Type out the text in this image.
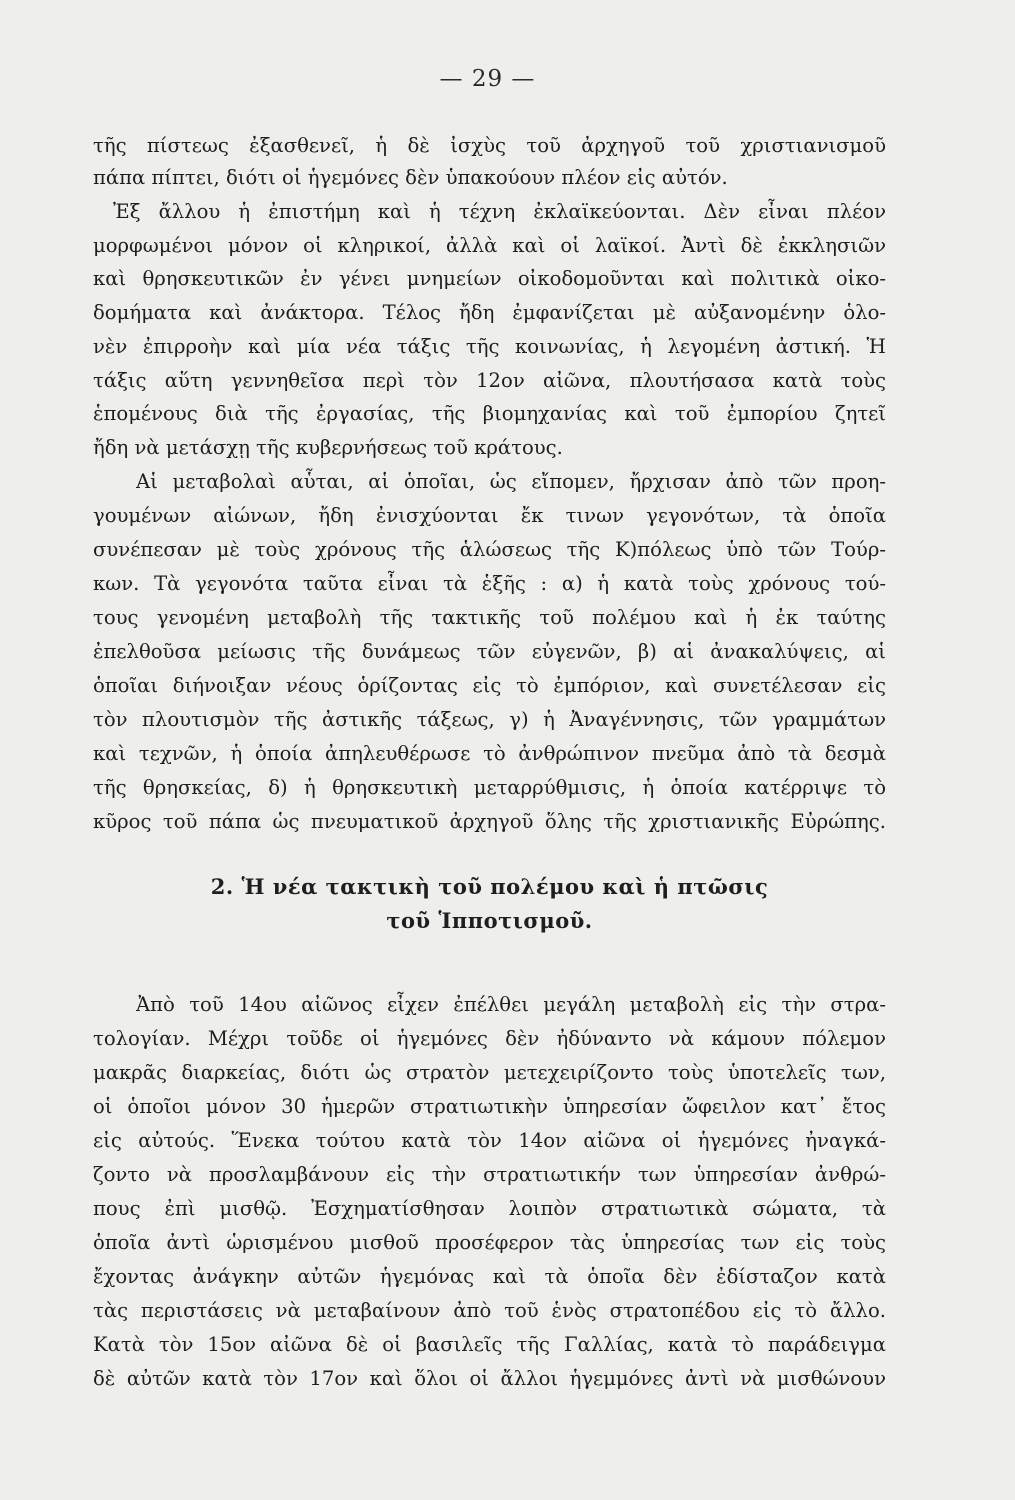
— 29 —
τῆς πίστεως ἐξασθενεῖ, ἡ δὲ ἰσχὺς τοῦ ἀρχηγοῦ τοῦ χριστιανισμοῦ
πάπα πίπτει, διότι οἱ ἡγεμόνες δὲν ὑπακούουν πλέον εἰς αὐτόν.
Ἐξ ἄλλου ἡ ἐπιστήμη καὶ ἡ τέχνη ἐκλαϊκεύονται. Δὲν εἶναι πλέον
μορφωμένοι μόνον οἱ κληρικοί, ἀλλὰ καὶ οἱ λαϊκοί. Ἀντὶ δὲ ἐκκλησιῶν
καὶ θρησκευτικῶν ἐν γένει μνημείων οἰκοδομοῦνται καὶ πολιτικὰ οἰκο-
δομήματα καὶ ἀνάκτορα. Τέλος ἤδη ἐμφανίζεται μὲ αὐξανομένην ὁλο-
νὲν ἐπιρροὴν καὶ μία νέα τάξις τῆς κοινωνίας, ἡ λεγομένη ἀστική. Ἡ
τάξις αὕτη γεννηθεῖσα περὶ τὸν 12ον αἰῶνα, πλουτήσασα κατὰ τοὺς
ἑπομένους διὰ τῆς ἐργασίας, τῆς βιομηχανίας καὶ τοῦ ἐμπορίου ζητεῖ
ἤδη νὰ μετάσχῃ τῆς κυβερνήσεως τοῦ κράτους.
Αἱ μεταβολαὶ αὗται, αἱ ὁποῖαι, ὡς εἴπομεν, ἤρχισαν ἀπὸ τῶν προη-
γουμένων αἰώνων, ἤδη ἐνισχύονται ἔκ τινων γεγονότων, τὰ ὁποῖα
συνέπεσαν μὲ τοὺς χρόνους τῆς ἁλώσεως τῆς Κ)πόλεως ὑπὸ τῶν Τούρ-
κων. Τὰ γεγονότα ταῦτα εἶναι τὰ ἑξῆς : α) ἡ κατὰ τοὺς χρόνους τού-
τους γενομένη μεταβολὴ τῆς τακτικῆς τοῦ πολέμου καὶ ἡ ἐκ ταύτης
ἐπελθοῦσα μείωσις τῆς δυνάμεως τῶν εὐγενῶν, β) αἱ ἀνακαλύψεις, αἱ
ὁποῖαι διήνοιξαν νέους ὁρίζοντας εἰς τὸ ἐμπόριον, καὶ συνετέλεσαν εἰς
τὸν πλουτισμὸν τῆς ἀστικῆς τάξεως, γ) ἡ Ἀναγέννησις, τῶν γραμμάτων
καὶ τεχνῶν, ἡ ὁποία ἀπηλευθέρωσε τὸ ἀνθρώπινον πνεῦμα ἀπὸ τὰ δεσμὰ
τῆς θρησκείας, δ) ἡ θρησκευτικὴ μεταρρύθμισις, ἡ ὁποία κατέρριψε τὸ
κῦρος τοῦ πάπα ὡς πνευματικοῦ ἀρχηγοῦ ὅλης τῆς χριστιανικῆς Εὐρώπης.
2. Ἡ νέα τακτικὴ τοῦ πολέμου καὶ ἡ πτῶσις
τοῦ Ἱπποτισμοῦ.
Ἀπὸ τοῦ 14ου αἰῶνος εἶχεν ἐπέλθει μεγάλη μεταβολὴ εἰς τὴν στρα-
τολογίαν. Μέχρι τοῦδε οἱ ἡγεμόνες δὲν ἠδύναντο νὰ κάμουν πόλεμον
μακρᾶς διαρκείας, διότι ὡς στρατὸν μετεχειρίζοντο τοὺς ὑποτελεῖς των,
οἱ ὁποῖοι μόνον 30 ἡμερῶν στρατιωτικὴν ὑπηρεσίαν ὤφειλον κατ᾿ ἔτος
εἰς αὐτούς. Ἕνεκα τούτου κατὰ τὸν 14ον αἰῶνα οἱ ἡγεμόνες ἠναγκά-
ζοντο νὰ προσλαμβάνουν εἰς τὴν στρατιωτικήν των ὑπηρεσίαν ἀνθρώ-
πους ἐπὶ μισθῷ. Ἐσχηματίσθησαν λοιπὸν στρατιωτικὰ σώματα, τὰ
ὁποῖα ἀντὶ ὡρισμένου μισθοῦ προσέφερον τὰς ὑπηρεσίας των εἰς τοὺς
ἔχοντας ἀνάγκην αὐτῶν ἡγεμόνας καὶ τὰ ὁποῖα δὲν ἐδίσταζον κατὰ
τὰς περιστάσεις νὰ μεταβαίνουν ἀπὸ τοῦ ἑνὸς στρατοπέδου εἰς τὸ ἄλλο.
Κατὰ τὸν 15ον αἰῶνα δὲ οἱ βασιλεῖς τῆς Γαλλίας, κατὰ τὸ παράδειγμα
δὲ αὐτῶν κατὰ τὸν 17ον καὶ ὅλοι οἱ ἄλλοι ἡγεμμόνες ἀντὶ νὰ μισθώνουν
